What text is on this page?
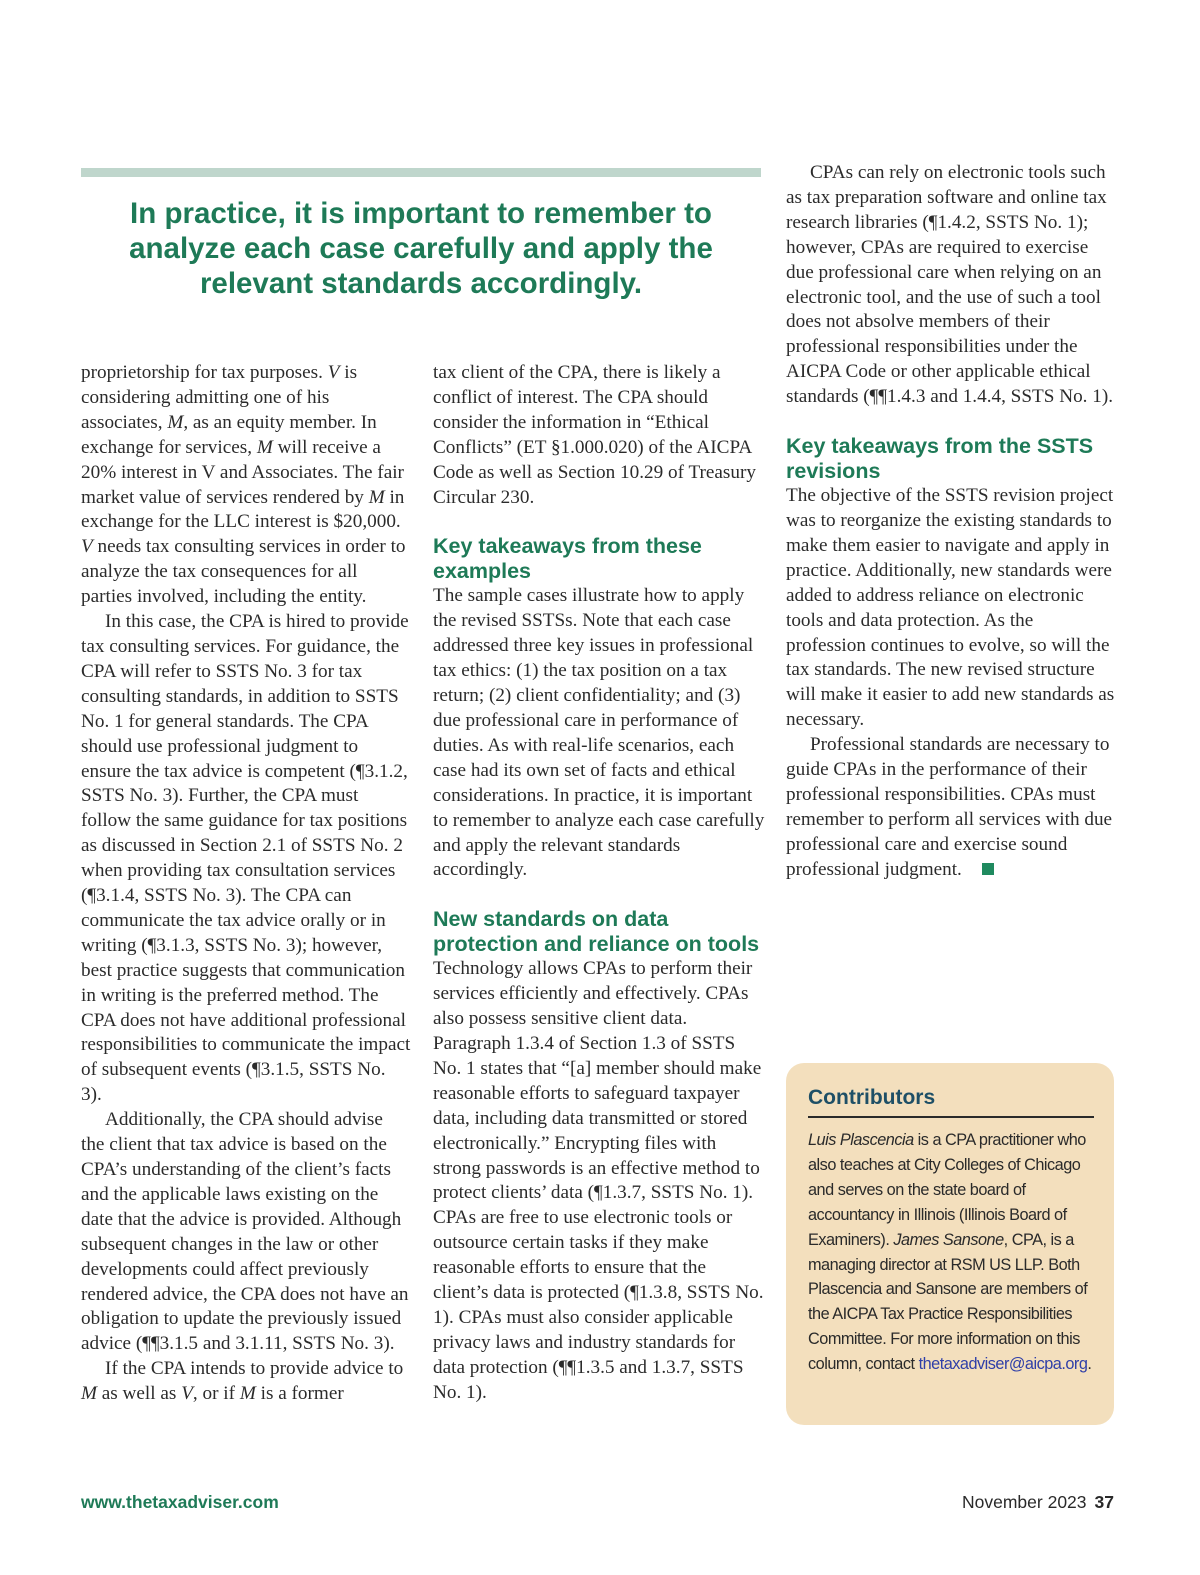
In practice, it is important to remember to
analyze each case carefully and apply the
relevant standards accordingly.

proprietorship for tax purposes. V is considering admitting one of his associates, M, as an equity member. In exchange for services, M will receive a 20% interest in V and Associates. The fair market value of services rendered by M in exchange for the LLC interest is $20,000. V needs tax consulting services in order to analyze the tax consequences for all parties involved, including the entity.

In this case, the CPA is hired to provide tax consulting services. For guidance, the CPA will refer to SSTS No. 3 for tax consulting standards, in addition to SSTS No. 1 for general standards. The CPA should use professional judgment to ensure the tax advice is competent (¶3.1.2, SSTS No. 3). Further, the CPA must follow the same guidance for tax positions as discussed in Section 2.1 of SSTS No. 2 when providing tax consultation services (¶3.1.4, SSTS No. 3). The CPA can communicate the tax advice orally or in writing (¶3.1.3, SSTS No. 3); however, best practice suggests that communication in writing is the preferred method. The CPA does not have additional professional responsibilities to communicate the impact of subsequent events (¶3.1.5, SSTS No. 3).

Additionally, the CPA should advise the client that tax advice is based on the CPA’s understanding of the client’s facts and the applicable laws existing on the date that the advice is provided. Although subsequent changes in the law or other developments could affect previously rendered advice, the CPA does not have an obligation to update the previously issued advice (¶¶3.1.5 and 3.1.11, SSTS No. 3).

If the CPA intends to provide advice to M as well as V, or if M is a former

tax client of the CPA, there is likely a conflict of interest. The CPA should consider the information in “Ethical Conflicts” (ET §1.000.020) of the AICPA Code as well as Section 10.29 of Treasury Circular 230.

Key takeaways from these examples

The sample cases illustrate how to apply the revised SSTSs. Note that each case addressed three key issues in professional tax ethics: (1) the tax position on a tax return; (2) client confidentiality; and (3) due professional care in performance of duties. As with real-life scenarios, each case had its own set of facts and ethical considerations. In practice, it is important to remember to analyze each case carefully and apply the relevant standards accordingly.

New standards on data protection and reliance on tools

Technology allows CPAs to perform their services efficiently and effectively. CPAs also possess sensitive client data. Paragraph 1.3.4 of Section 1.3 of SSTS No. 1 states that “[a] member should make reasonable efforts to safeguard taxpayer data, including data transmitted or stored electronically.” Encrypting files with strong passwords is an effective method to protect clients’ data (¶1.3.7, SSTS No. 1). CPAs are free to use electronic tools or outsource certain tasks if they make reasonable efforts to ensure that the client’s data is protected (¶1.3.8, SSTS No. 1). CPAs must also consider applicable privacy laws and industry standards for data protection (¶¶1.3.5 and 1.3.7, SSTS No. 1).

CPAs can rely on electronic tools such as tax preparation software and online tax research libraries (¶1.4.2, SSTS No. 1); however, CPAs are required to exercise due professional care when relying on an electronic tool, and the use of such a tool does not absolve members of their professional responsibilities under the AICPA Code or other applicable ethical standards (¶¶1.4.3 and 1.4.4, SSTS No. 1).

Key takeaways from the SSTS revisions

The objective of the SSTS revision project was to reorganize the existing standards to make them easier to navigate and apply in practice. Additionally, new standards were added to address reliance on electronic tools and data protection. As the profession continues to evolve, so will the tax standards. The new revised structure will make it easier to add new standards as necessary.

Professional standards are necessary to guide CPAs in the performance of their professional responsibilities. CPAs must remember to perform all services with due professional care and exercise sound professional judgment.

Contributors
Luis Plascencia is a CPA practitioner who also teaches at City Colleges of Chicago and serves on the state board of accountancy in Illinois (Illinois Board of Examiners). James Sansone, CPA, is a managing director at RSM US LLP. Both Plascencia and Sansone are members of the AICPA Tax Practice Responsibilities Committee. For more information on this column, contact thetaxadviser@aicpa.org.
www.thetaxadviser.com	November 2023 37
